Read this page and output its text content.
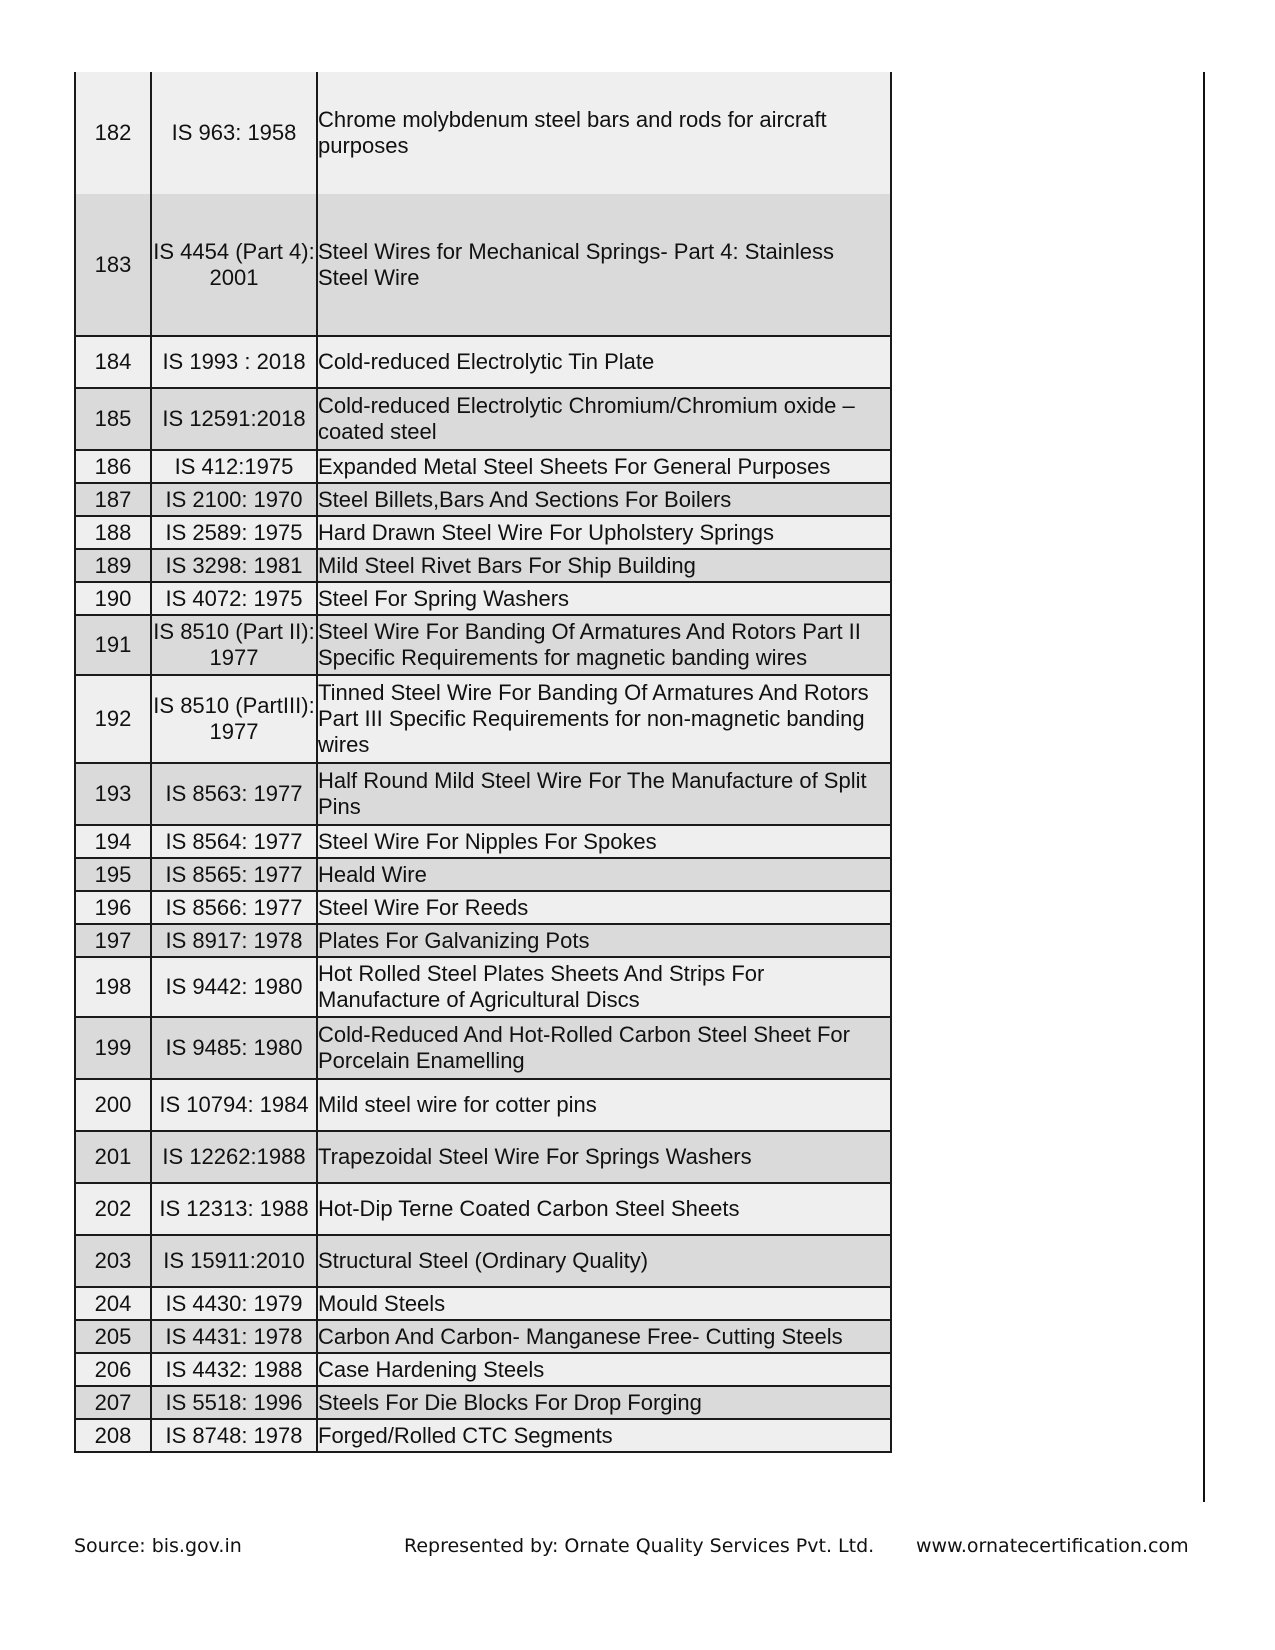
182	IS 963: 1958	Chrome molybdenum steel bars and rods for aircraft purposes
183	IS 4454 (Part 4): 2001	Steel Wires for Mechanical Springs- Part 4: Stainless Steel Wire
184	IS 1993 : 2018	Cold-reduced Electrolytic Tin Plate
185	IS 12591:2018	Cold-reduced Electrolytic Chromium/Chromium oxide – coated steel
186	IS 412:1975	Expanded Metal Steel Sheets For General Purposes
187	IS 2100: 1970	Steel Billets,Bars And Sections For Boilers
188	IS 2589: 1975	Hard Drawn Steel Wire For Upholstery Springs
189	IS 3298: 1981	Mild Steel Rivet Bars For Ship Building
190	IS 4072: 1975	Steel For Spring Washers
191	IS 8510 (Part II): 1977	Steel Wire For Banding Of Armatures And Rotors Part II Specific Requirements for magnetic banding wires
192	IS 8510 (PartIII): 1977	Tinned Steel Wire For Banding Of Armatures And Rotors Part III Specific Requirements for non-magnetic banding wires
193	IS 8563: 1977	Half Round Mild Steel Wire For The Manufacture of Split Pins
194	IS 8564: 1977	Steel Wire For Nipples For Spokes
195	IS 8565: 1977	Heald Wire
196	IS 8566: 1977	Steel Wire For Reeds
197	IS 8917: 1978	Plates For Galvanizing Pots
198	IS 9442: 1980	Hot Rolled Steel Plates Sheets And Strips For Manufacture of Agricultural Discs
199	IS 9485: 1980	Cold-Reduced And Hot-Rolled Carbon Steel Sheet For Porcelain Enamelling
200	IS 10794: 1984	Mild steel wire for cotter pins
201	IS 12262:1988	Trapezoidal Steel Wire For Springs Washers
202	IS 12313: 1988	Hot-Dip Terne Coated Carbon Steel Sheets
203	IS 15911:2010	Structural Steel (Ordinary Quality)
204	IS 4430: 1979	Mould Steels
205	IS 4431: 1978	Carbon And Carbon- Manganese Free- Cutting Steels
206	IS 4432: 1988	Case Hardening Steels
207	IS 5518: 1996	Steels For Die Blocks For Drop Forging
208	IS 8748: 1978	Forged/Rolled CTC Segments
Source: bis.gov.in	Represented by: Ornate Quality Services Pvt. Ltd. www.ornatecertification.com
